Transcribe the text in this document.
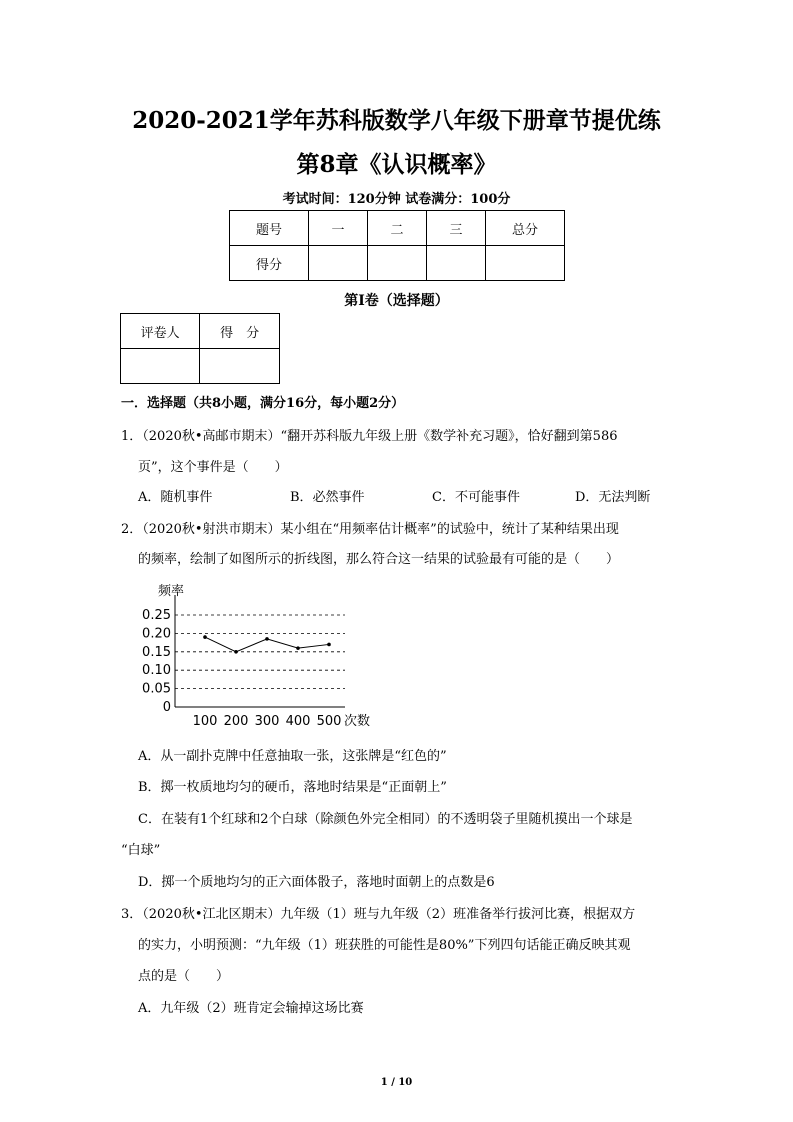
2020-2021学年苏科版数学八年级下册章节提优练
第8章《认识概率》
考试时间：120分钟 试卷满分：100分
题号	一	二	三	总分
得分				
第Ⅰ卷（选择题）
评卷人	得　分

一．选择题（共8小题，满分16分，每小题2分）
1．（2020秋•高邮市期末）“翻开苏科版九年级上册《数学补充习题》，恰好翻到第586
页”，这个事件是（　　）
A．随机事件	B．必然事件	C．不可能事件	D．无法判断
2．（2020秋•射洪市期末）某小组在“用频率估计概率”的试验中，统计了某种结果出现
的频率，绘制了如图所示的折线图，那么符合这一结果的试验最有可能的是（　　）
频率
次数
0.25
0.20
0.15
0.10
0.05
0
100 200 300 400 500
A．从一副扑克牌中任意抽取一张，这张牌是“红色的”
B．掷一枚质地均匀的硬币，落地时结果是“正面朝上”
C．在装有1个红球和2个白球（除颜色外完全相同）的不透明袋子里随机摸出一个球是
“白球”
D．掷一个质地均匀的正六面体骰子，落地时面朝上的点数是6
3．（2020秋•江北区期末）九年级（1）班与九年级（2）班准备举行拔河比赛，根据双方
的实力，小明预测：“九年级（1）班获胜的可能性是80%”下列四句话能正确反映其观
点的是（　　）
A．九年级（2）班肯定会输掉这场比赛
1 / 10
